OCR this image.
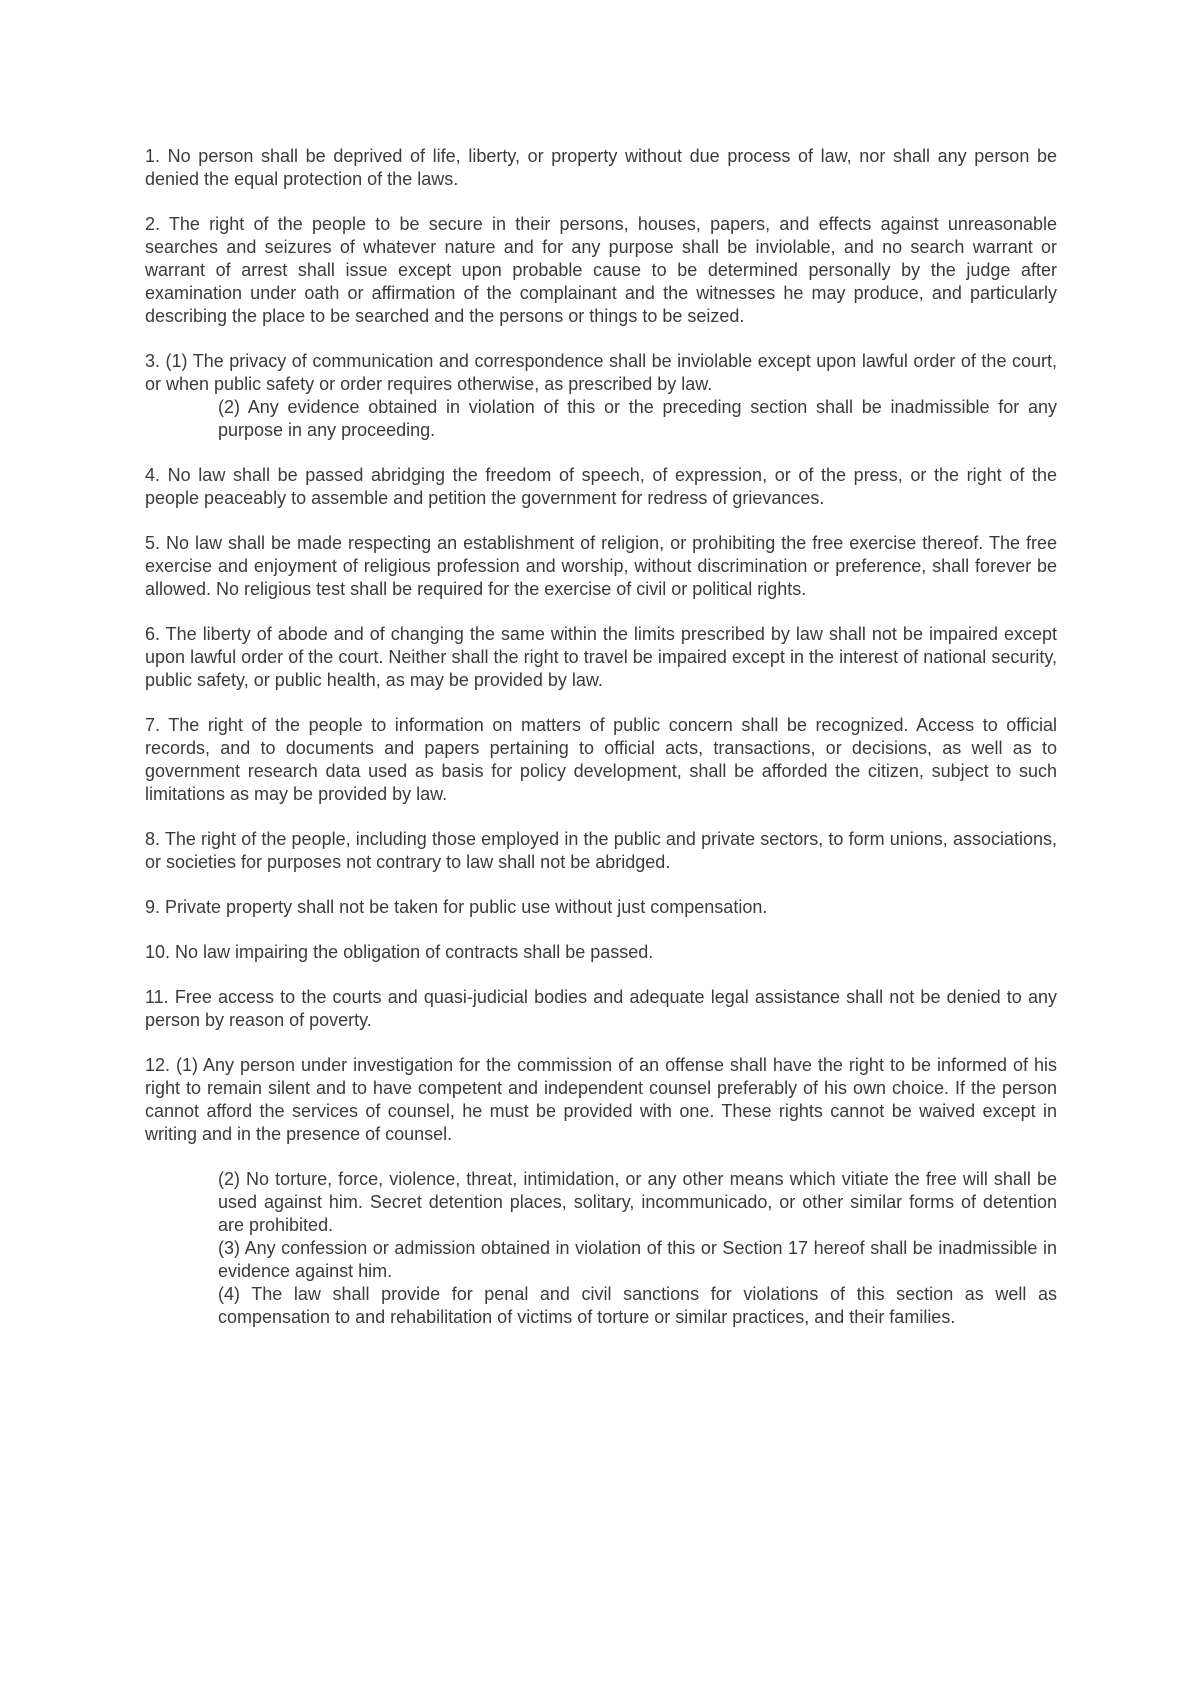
1. No person shall be deprived of life, liberty, or property without due process of law, nor shall any person be denied the equal protection of the laws.

2. The right of the people to be secure in their persons, houses, papers, and effects against unreasonable searches and seizures of whatever nature and for any purpose shall be inviolable, and no search warrant or warrant of arrest shall issue except upon probable cause to be determined personally by the judge after examination under oath or affirmation of the complainant and the witnesses he may produce, and particularly describing the place to be searched and the persons or things to be seized.

3. (1) The privacy of communication and correspondence shall be inviolable except upon lawful order of the court, or when public safety or order requires otherwise, as prescribed by law.

(2) Any evidence obtained in violation of this or the preceding section shall be inadmissible for any purpose in any proceeding.

4. No law shall be passed abridging the freedom of speech, of expression, or of the press, or the right of the people peaceably to assemble and petition the government for redress of grievances.

5. No law shall be made respecting an establishment of religion, or prohibiting the free exercise thereof. The free exercise and enjoyment of religious profession and worship, without discrimination or preference, shall forever be allowed. No religious test shall be required for the exercise of civil or political rights.

6. The liberty of abode and of changing the same within the limits prescribed by law shall not be impaired except upon lawful order of the court. Neither shall the right to travel be impaired except in the interest of national security, public safety, or public health, as may be provided by law.

7. The right of the people to information on matters of public concern shall be recognized. Access to official records, and to documents and papers pertaining to official acts, transactions, or decisions, as well as to government research data used as basis for policy development, shall be afforded the citizen, subject to such limitations as may be provided by law.

8. The right of the people, including those employed in the public and private sectors, to form unions, associations, or societies for purposes not contrary to law shall not be abridged.

9. Private property shall not be taken for public use without just compensation.

10. No law impairing the obligation of contracts shall be passed.

11. Free access to the courts and quasi-judicial bodies and adequate legal assistance shall not be denied to any person by reason of poverty.

12. (1) Any person under investigation for the commission of an offense shall have the right to be informed of his right to remain silent and to have competent and independent counsel preferably of his own choice. If the person cannot afford the services of counsel, he must be provided with one. These rights cannot be waived except in writing and in the presence of counsel.

(2) No torture, force, violence, threat, intimidation, or any other means which vitiate the free will shall be used against him. Secret detention places, solitary, incommunicado, or other similar forms of detention are prohibited.

(3) Any confession or admission obtained in violation of this or Section 17 hereof shall be inadmissible in evidence against him.

(4) The law shall provide for penal and civil sanctions for violations of this section as well as compensation to and rehabilitation of victims of torture or similar practices, and their families.
